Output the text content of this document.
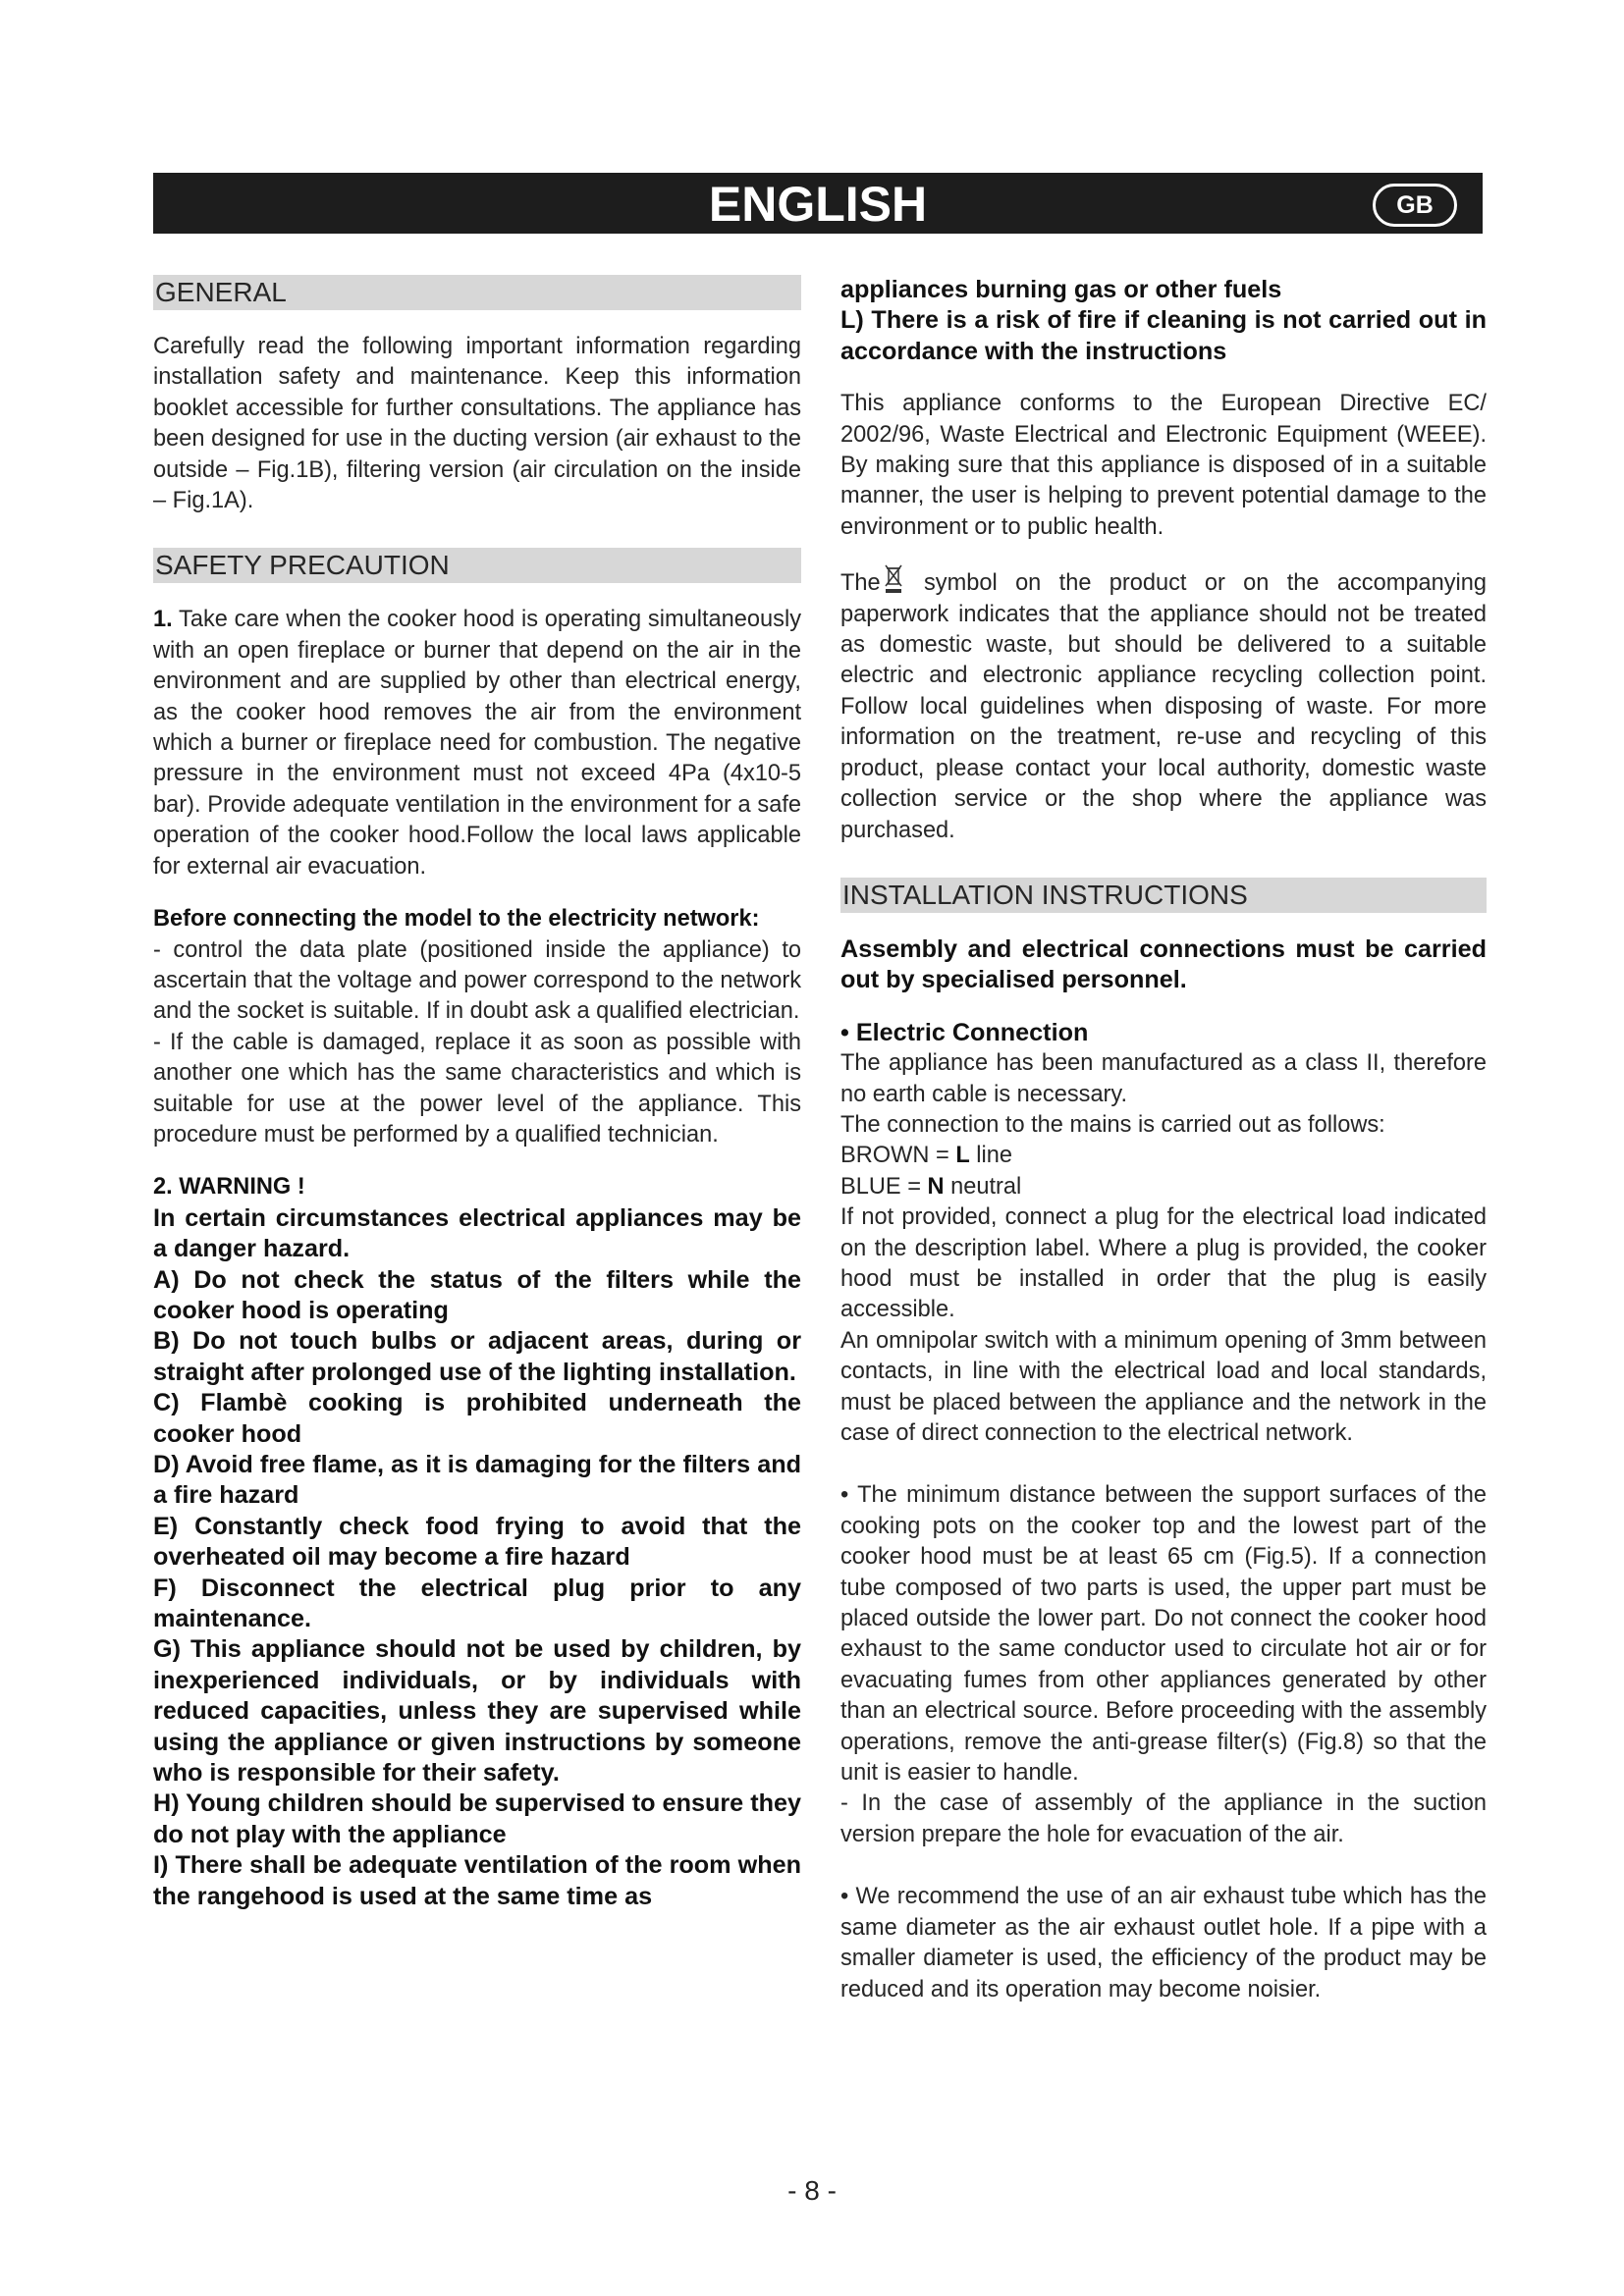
ENGLISH	GB
GENERAL

Carefully read the following important information regarding installation safety and maintenance. Keep this information booklet accessible for further consultations. The appliance has been designed for use in the ducting version (air exhaust to the outside – Fig.1B), filtering version (air circulation on the inside – Fig.1A).

SAFETY PRECAUTION

1. Take care when the cooker hood is operating simultaneously with an open fireplace or burner that depend on the air in the environment and are supplied by other than electrical energy, as the cooker hood removes the air from the environment which a burner or fireplace need for combustion. The negative pressure in the environment must not exceed 4Pa (4x10-5 bar). Provide adequate ventilation in the environment for a safe operation of the cooker hood.Follow the local laws applicable for external air evacuation.

Before connecting the model to the electricity network:

- control the data plate (positioned inside the appliance) to ascertain that the voltage and power correspond to the network and the socket is suitable. If in doubt ask a qualified electrician.

- If the cable is damaged, replace it as soon as possible with another one which has the same characteristics and which is suitable for use at the power level of the appliance. This procedure must be performed by a qualified technician.

2. WARNING !

In certain circumstances electrical appliances may be a danger hazard.

A) Do not check the status of the filters while the cooker hood is operating

B) Do not touch bulbs or adjacent areas, during or straight after prolonged use of the lighting installation.

C) Flambè cooking is prohibited underneath the cooker hood

D) Avoid free flame, as it is damaging for the filters and a fire hazard

E) Constantly check food frying to avoid that the overheated oil may become a fire hazard

F) Disconnect the electrical plug prior to any maintenance.

G) This appliance should not be used by children, by inexperienced individuals, or by individuals with reduced capacities, unless they are supervised while using the appliance or given instructions by someone who is responsible for their safety.

H) Young children should be supervised to ensure they do not play with the appliance

I) There shall be adequate ventilation of the room when the rangehood is used at the same time as

appliances burning gas or other fuels

L) There is a risk of fire if cleaning is not carried out in accordance with the instructions

This appliance conforms to the European Directive EC/ 2002/96, Waste Electrical and Electronic Equipment (WEEE). By making sure that this appliance is disposed of in a suitable manner, the user is helping to prevent potential damage to the environment or to public health.

The symbol on the product or on the accompanying paperwork indicates that the appliance should not be treated as domestic waste, but should be delivered to a suitable electric and electronic appliance recycling collection point. Follow local guidelines when disposing of waste. For more information on the treatment, re-use and recycling of this product, please contact your local authority, domestic waste collection service or the shop where the appliance was purchased.

INSTALLATION INSTRUCTIONS

Assembly and electrical connections must be carried out by specialised personnel.

• Electric Connection

The appliance has been manufactured as a class II, therefore no earth cable is necessary.

The connection to the mains is carried out as follows:

BROWN = L line

BLUE = N neutral

If not provided, connect a plug for the electrical load indicated on the description label. Where a plug is provided, the cooker hood must be installed in order that the plug is easily accessible.

An omnipolar switch with a minimum opening of 3mm between contacts, in line with the electrical load and local standards, must be placed between the appliance and the network in the case of direct connection to the electrical network.

• The minimum distance between the support surfaces of the cooking pots on the cooker top and the lowest part of the cooker hood must be at least 65 cm (Fig.5). If a connection tube composed of two parts is used, the upper part must be placed outside the lower part. Do not connect the cooker hood exhaust to the same conductor used to circulate hot air or for evacuating fumes from other appliances generated by other than an electrical source. Before proceeding with the assembly operations, remove the anti-grease filter(s) (Fig.8) so that the unit is easier to handle.

- In the case of assembly of the appliance in the suction version prepare the hole for evacuation of the air.

• We recommend the use of an air exhaust tube which has the same diameter as the air exhaust outlet hole. If a pipe with a smaller diameter is used, the efficiency of the product may be reduced and its operation may become noisier.

- 8 -
